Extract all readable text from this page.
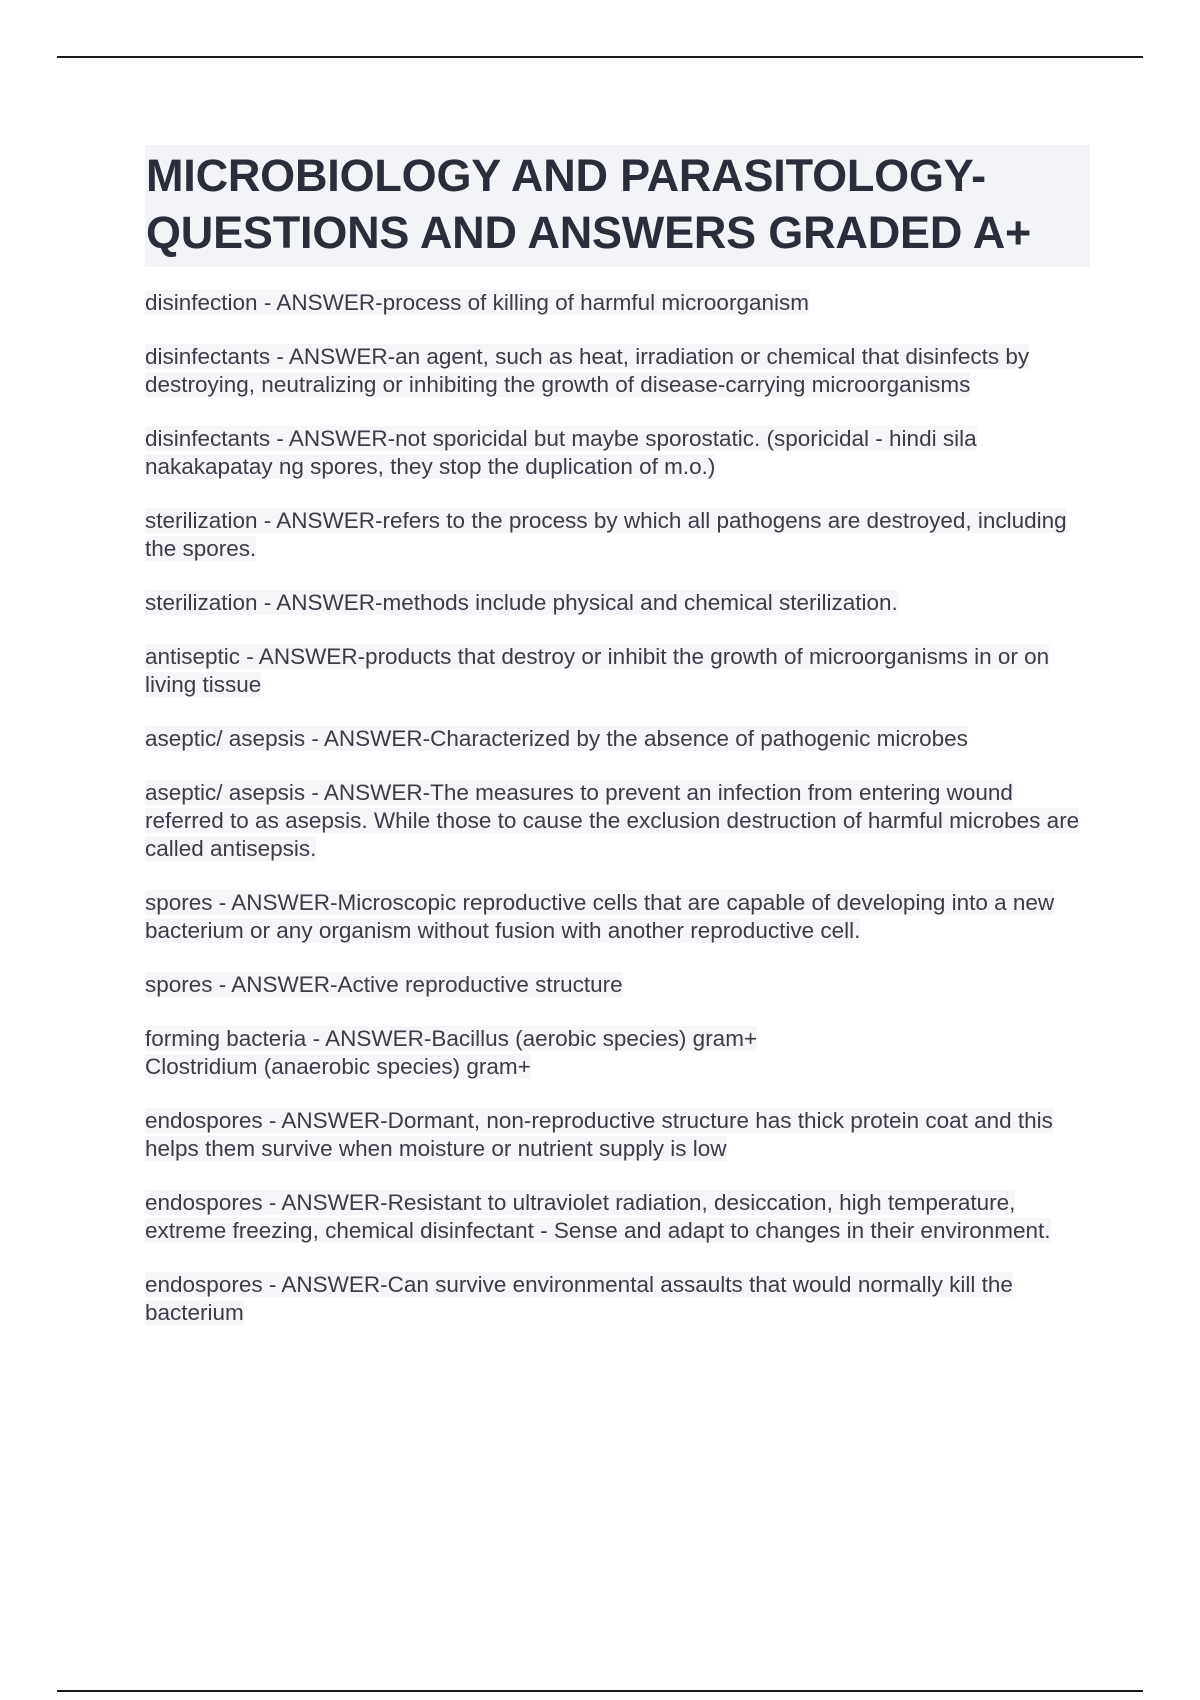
MICROBIOLOGY AND PARASITOLOGY-QUESTIONS AND ANSWERS GRADED A+
disinfection - ANSWER-process of killing of harmful microorganism
disinfectants - ANSWER-an agent, such as heat, irradiation or chemical that disinfects by destroying, neutralizing or inhibiting the growth of disease-carrying microorganisms
disinfectants - ANSWER-not sporicidal but maybe sporostatic. (sporicidal - hindi sila nakakapatay ng spores, they stop the duplication of m.o.)
sterilization - ANSWER-refers to the process by which all pathogens are destroyed, including the spores.
sterilization - ANSWER-methods include physical and chemical sterilization.
antiseptic - ANSWER-products that destroy or inhibit the growth of microorganisms in or on living tissue
aseptic/ asepsis - ANSWER-Characterized by the absence of pathogenic microbes
aseptic/ asepsis - ANSWER-The measures to prevent an infection from entering wound referred to as asepsis. While those to cause the exclusion destruction of harmful microbes are called antisepsis.
spores - ANSWER-Microscopic reproductive cells that are capable of developing into a new bacterium or any organism without fusion with another reproductive cell.
spores - ANSWER-Active reproductive structure
forming bacteria - ANSWER-Bacillus (aerobic species) gram+
Clostridium (anaerobic species) gram+
endospores - ANSWER-Dormant, non-reproductive structure has thick protein coat and this helps them survive when moisture or nutrient supply is low
endospores - ANSWER-Resistant to ultraviolet radiation, desiccation, high temperature, extreme freezing, chemical disinfectant - Sense and adapt to changes in their environment.
endospores - ANSWER-Can survive environmental assaults that would normally kill the bacterium
